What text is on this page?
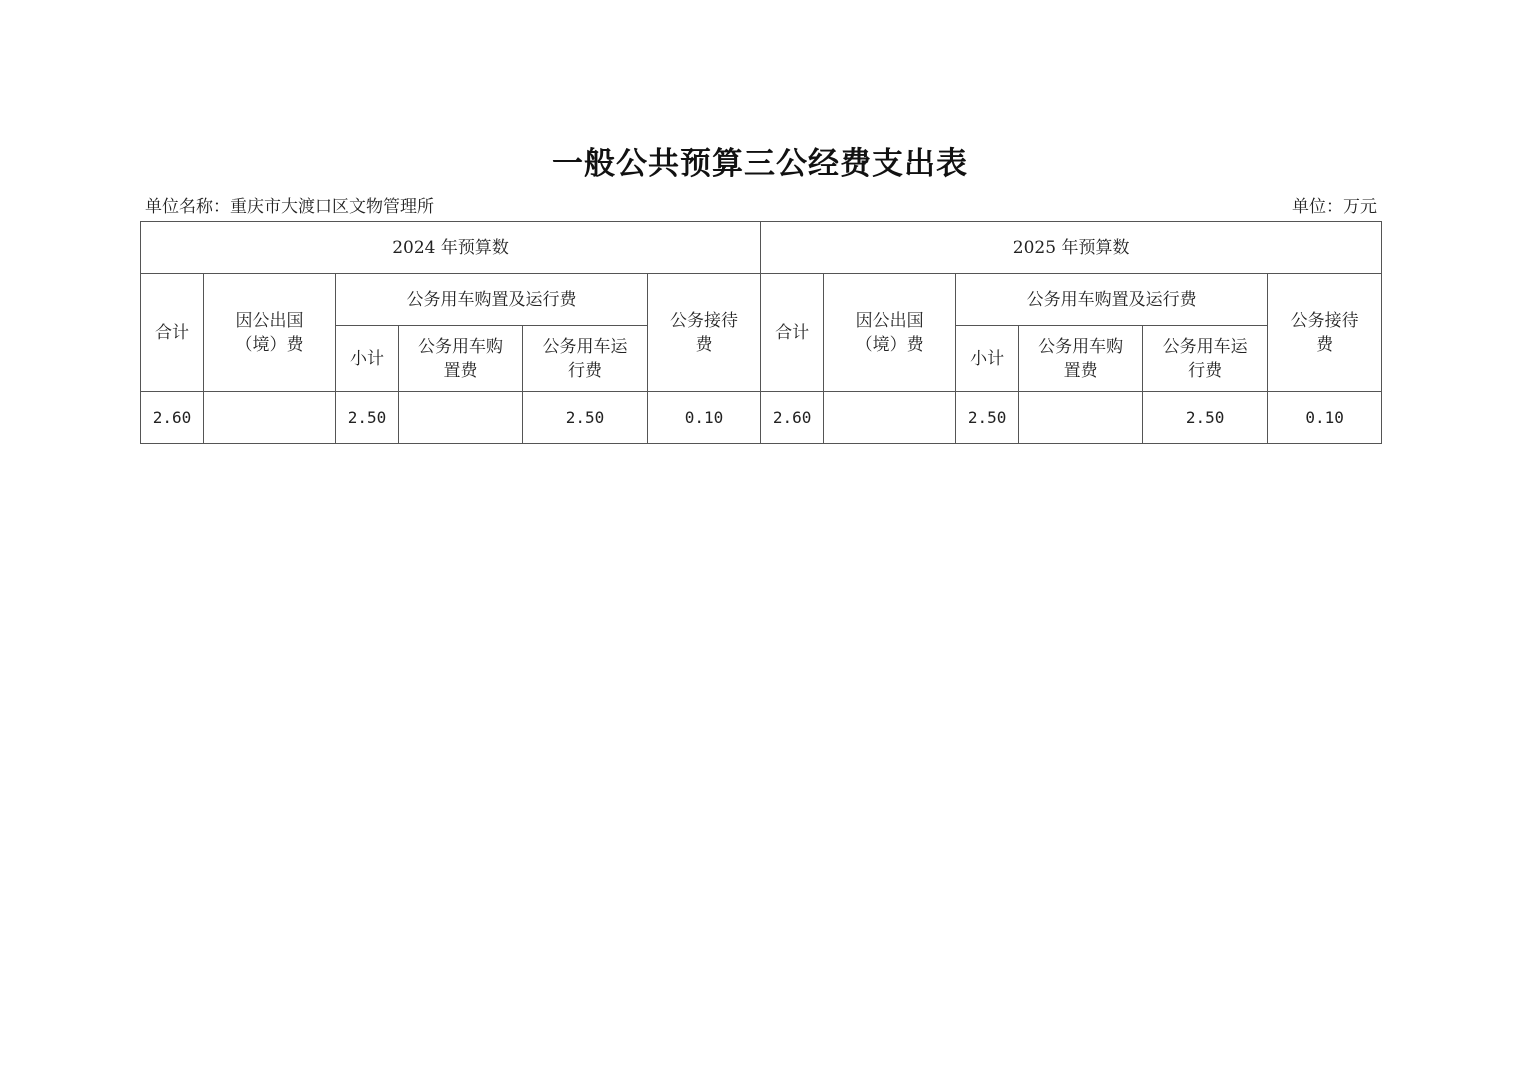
一般公共预算三公经费支出表
单位名称：重庆市大渡口区文物管理所	单位：万元
2024 年预算数						2025 年预算数					
合计	因公出国（境）费	公务用车购置及运行费			公务接待费	合计	因公出国（境）费	公务用车购置及运行费			公务接待费
		小计	公务用车购置费	公务用车运行费				小计	公务用车购置费	公务用车运行费	
2.60		2.50		2.50	0.10	2.60		2.50		2.50	0.10
